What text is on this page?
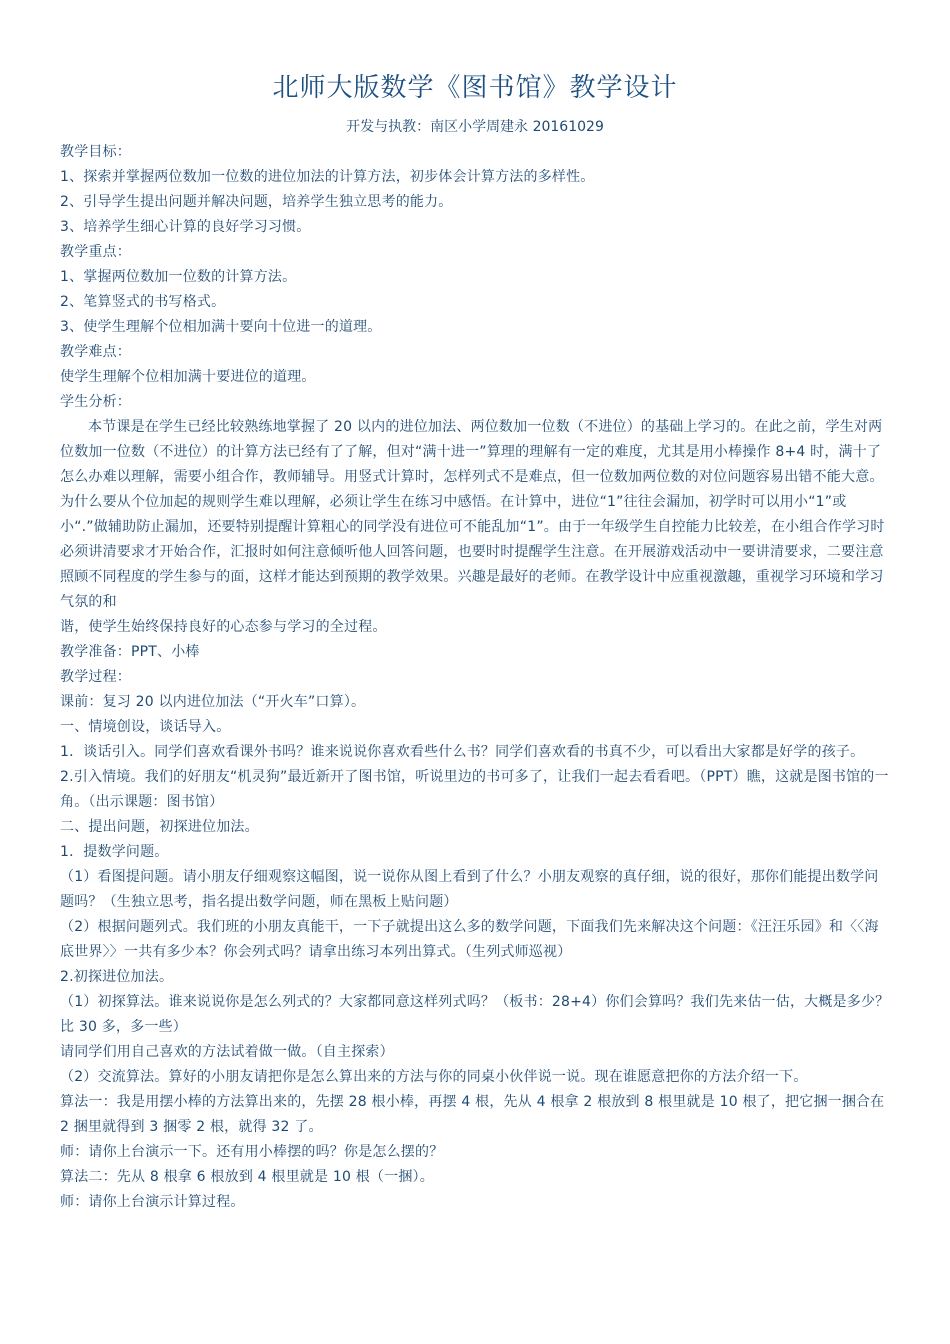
北师大版数学《图书馆》教学设计
开发与执教：南区小学周建永 20161029

教学目标：

1、探索并掌握两位数加一位数的进位加法的计算方法，初步体会计算方法的多样性。

2、引导学生提出问题并解决问题，培养学生独立思考的能力。

3、培养学生细心计算的良好学习习惯。

教学重点：

1、掌握两位数加一位数的计算方法。

2、笔算竖式的书写格式。

3、使学生理解个位相加满十要向十位进一的道理。

教学难点：

使学生理解个位相加满十要进位的道理。

学生分析：

本节课是在学生已经比较熟练地掌握了 20 以内的进位加法、两位数加一位数（不进位）的基础上学习的。在此之前，学生对两位数加一位数（不进位）的计算方法已经有了了解，但对“满十进一”算理的理解有一定的难度，尤其是用小棒操作 8+4 时，满十了怎么办难以理解，需要小组合作，教师辅导。用竖式计算时，怎样列式不是难点，但一位数加两位数的对位问题容易出错不能大意。为什么要从个位加起的规则学生难以理解，必须让学生在练习中感悟。在计算中，进位“1”往往会漏加，初学时可以用小“1”或小“.”做辅助防止漏加，还要特别提醒计算粗心的同学没有进位可不能乱加“1”。由于一年级学生自控能力比较差，在小组合作学习时必须讲清要求才开始合作，汇报时如何注意倾听他人回答问题，也要时时提醒学生注意。在开展游戏活动中一要讲清要求，二要注意照顾不同程度的学生参与的面，这样才能达到预期的教学效果。兴趣是最好的老师。在教学设计中应重视激趣，重视学习环境和学习气氛的和

谐，使学生始终保持良好的心态参与学习的全过程。

教学准备：PPT、小棒

教学过程：

课前：复习 20 以内进位加法（“开火车”口算）。

一、情境创设，谈话导入。

1．谈话引入。同学们喜欢看课外书吗？谁来说说你喜欢看些什么书？同学们喜欢看的书真不少，可以看出大家都是好学的孩子。

2.引入情境。我们的好朋友“机灵狗”最近新开了图书馆，听说里边的书可多了，让我们一起去看看吧。（PPT）瞧，这就是图书馆的一角。（出示课题：图书馆）

二、提出问题，初探进位加法。

1．提数学问题。

（1）看图提问题。请小朋友仔细观察这幅图，说一说你从图上看到了什么？小朋友观察的真仔细，说的很好，那你们能提出数学问题吗？（生独立思考，指名提出数学问题，师在黑板上贴问题）

（2）根据问题列式。我们班的小朋友真能干，一下子就提出这么多的数学问题，下面我们先来解决这个问题：《汪汪乐园》和〈〈海底世界〉〉一共有多少本？你会列式吗？请拿出练习本列出算式。（生列式师巡视）

2.初探进位加法。

（1）初探算法。谁来说说你是怎么列式的？大家都同意这样列式吗？（板书：28+4）你们会算吗？我们先来估一估，大概是多少？比 30 多，多一些）

请同学们用自己喜欢的方法试着做一做。（自主探索）

（2）交流算法。算好的小朋友请把你是怎么算出来的方法与你的同桌小伙伴说一说。现在谁愿意把你的方法介绍一下。

算法一：我是用摆小棒的方法算出来的，先摆 28 根小棒，再摆 4 根，先从 4 根拿 2 根放到 8 根里就是 10 根了，把它捆一捆合在 2 捆里就得到 3 捆零 2 根，就得 32 了。

师：请你上台演示一下。还有用小棒摆的吗？你是怎么摆的？

算法二：先从 8 根拿 6 根放到 4 根里就是 10 根（一捆）。

师：请你上台演示计算过程。
